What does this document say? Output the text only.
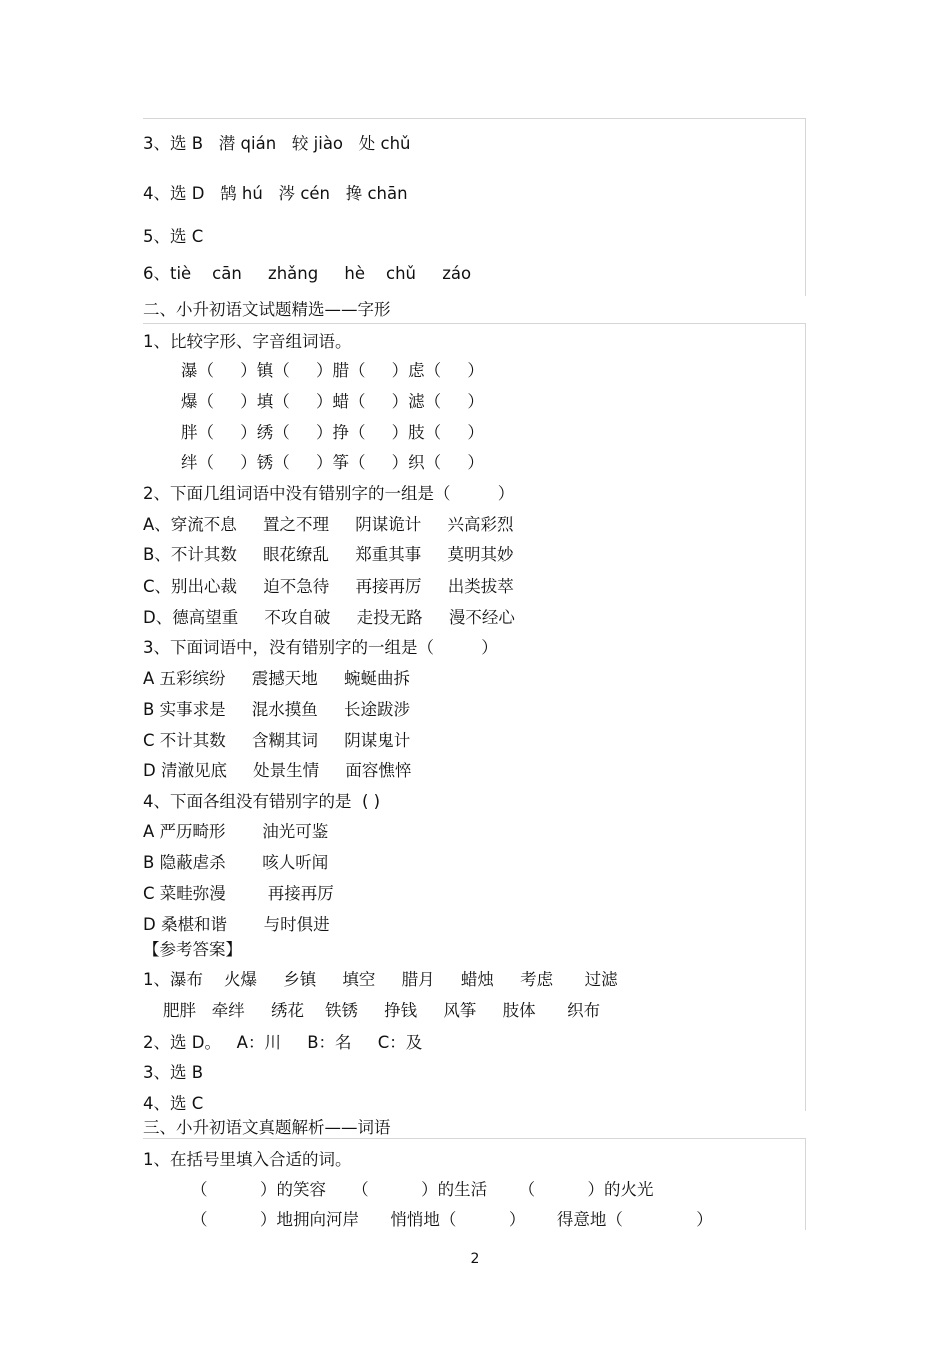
3、选 B   潜 qián   较 jiào   处 chǔ
4、选 D   鹄 hú   涔 cén   搀 chān
5、选 C
6、tiè    cān     zhǎng     hè    chǔ     záo
二、小升初语文试题精选——字形
1、比较字形、字音组词语。
瀑（     ）镇（     ）腊（     ）虑（     ）
爆（     ）填（     ）蜡（     ）滤（     ）
胖（     ）绣（     ）挣（     ）肢（     ）
绊（     ）锈（     ）筝（     ）织（     ）
2、下面几组词语中没有错别字的一组是（         ）
A、穿流不息     置之不理     阴谋诡计     兴高彩烈
B、不计其数     眼花缭乱     郑重其事     莫明其妙
C、别出心裁     迫不急待     再接再厉     出类拔萃
D、德高望重     不攻自破     走投无路     漫不经心
3、下面词语中，没有错别字的一组是（         ）
A 五彩缤纷     震撼天地     蜿蜒曲拆
B 实事求是     混水摸鱼     长途跋涉
C 不计其数     含糊其词     阴谋鬼计
D 清澈见底     处景生情     面容憔悴
4、下面各组没有错别字的是  ( )
A 严历畸形       油光可鉴
B 隐蔽虐杀       咳人听闻
C 菜畦弥漫        再接再厉
D 桑椹和谐       与时俱进
【参考答案】
1、瀑布    火爆     乡镇     填空     腊月     蜡烛     考虑      过滤
肥胖   牵绊     绣花    铁锈     挣钱     风筝     肢体      织布
2、选 D。   A：川     B：名     C：及
3、选 B
4、选 C
三、小升初语文真题解析——词语
1、在括号里填入合适的词。
（          ）的笑容     （          ）的生活      （          ）的火光
（          ）地拥向河岸      悄悄地（          ）      得意地（              ）
2
